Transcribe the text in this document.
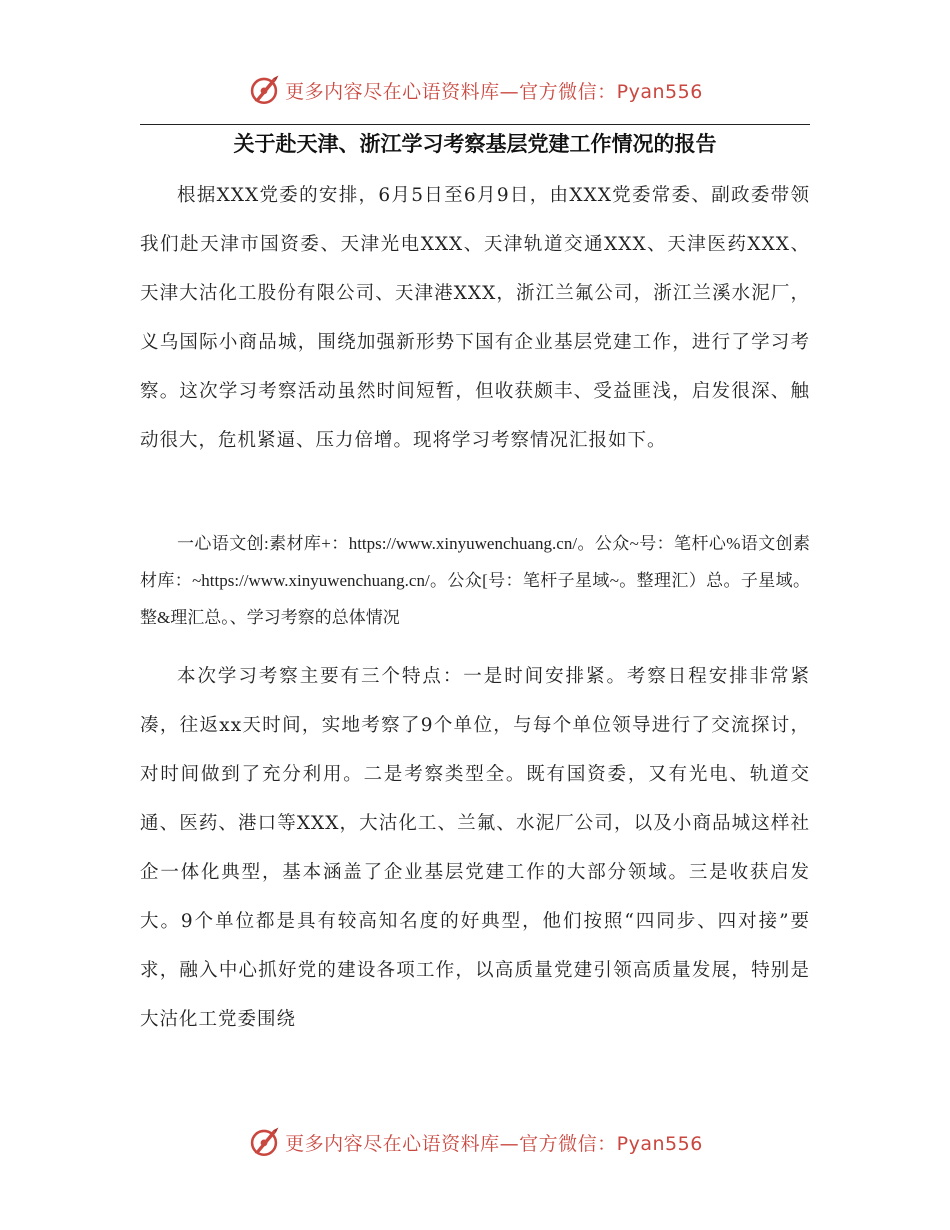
更多内容尽在心语资料库—官方微信：Pyan556
关于赴天津、浙江学习考察基层党建工作情况的报告

根据XXX党委的安排，6月5日至6月9日，由XXX党委常委、副政委带领我们赴天津市国资委、天津光电XXX、天津轨道交通XXX、天津医药XXX、天津大沽化工股份有限公司、天津港XXX，浙江兰氟公司，浙江兰溪水泥厂，义乌国际小商品城，围绕加强新形势下国有企业基层党建工作，进行了学习考察。这次学习考察活动虽然时间短暂，但收获颇丰、受益匪浅，启发很深、触动很大，危机紧逼、压力倍增。现将学习考察情况汇报如下。

一心语文创:素材库+：https://www.xinyuwenchuang.cn/。公众~号：笔杆心%语文创素材库：~https://www.xinyuwenchuang.cn/。公众[号：笔杆子星域~。整理汇）总。子星域。整&理汇总。、学习考察的总体情况

本次学习考察主要有三个特点：一是时间安排紧。考察日程安排非常紧凑，往返xx天时间，实地考察了9个单位，与每个单位领导进行了交流探讨，对时间做到了充分利用。二是考察类型全。既有国资委，又有光电、轨道交通、医药、港口等XXX，大沽化工、兰氟、水泥厂公司，以及小商品城这样社企一体化典型，基本涵盖了企业基层党建工作的大部分领域。三是收获启发大。9个单位都是具有较高知名度的好典型，他们按照“四同步、四对接”要求，融入中心抓好党的建设各项工作，以高质量党建引领高质量发展，特别是大沽化工党委围绕

更多内容尽在心语资料库—官方微信：Pyan556
